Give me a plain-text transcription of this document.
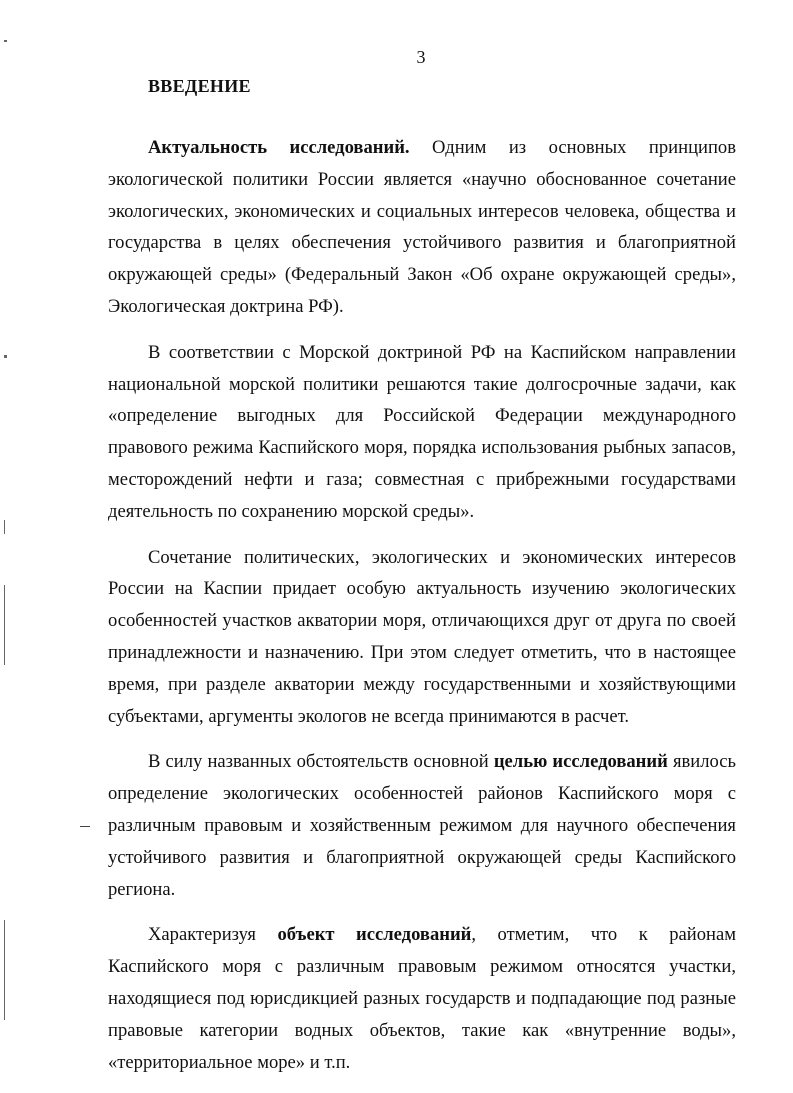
3
ВВЕДЕНИЕ

Актуальность исследований. Одним из основных принципов экологической политики России является «научно обоснованное сочетание экологических, экономических и социальных интересов человека, общества и государства в целях обеспечения устойчивого развития и благоприятной окружающей среды» (Федеральный Закон «Об охране окружающей среды», Экологическая доктрина РФ).

В соответствии с Морской доктриной РФ на Каспийском направлении национальной морской политики решаются такие долгосрочные задачи, как «определение выгодных для Российской Федерации международного правового режима Каспийского моря, порядка использования рыбных запасов, месторождений нефти и газа; совместная с прибрежными государствами деятельность по сохранению морской среды».

Сочетание политических, экологических и экономических интересов России на Каспии придает особую актуальность изучению экологических особенностей участков акватории моря, отличающихся друг от друга по своей принадлежности и назначению. При этом следует отметить, что в настоящее время, при разделе акватории между государственными и хозяйствующими субъектами, аргументы экологов не всегда принимаются в расчет.

В силу названных обстоятельств основной целью исследований явилось определение экологических особенностей районов Каспийского моря с различным правовым и хозяйственным режимом для научного обеспечения устойчивого развития и благоприятной окружающей среды Каспийского региона.

Характеризуя объект исследований, отметим, что к районам Каспийского моря с различным правовым режимом относятся участки, находящиеся под юрисдикцией разных государств и подпадающие под разные правовые категории водных объектов, такие как «внутренние воды», «территориальное море» и т.п.
